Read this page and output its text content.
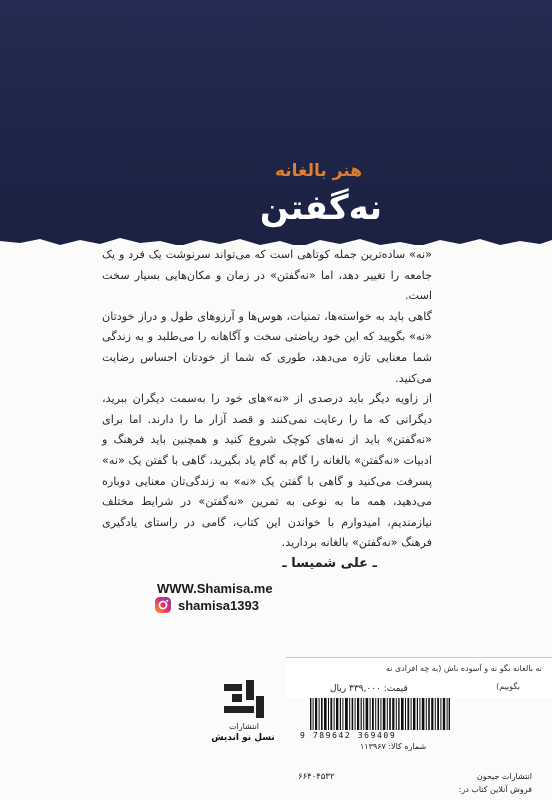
هنر بالغانه
نه‌گفتن

«نه» ساده‌ترین جمله کوتاهی است که می‌تواند سرنوشت یک فرد و یک جامعه را تغییر دهد، اما «نه‌گفتن» در زمان و مکان‌هایی بسیار سخت است.

گاهی باید به خواسته‌ها، تمنیات، هوس‌ها و آرزوهای طول و دراز خودتان «نه» بگویید که این خود ریاضتی سخت و آگاهانه را می‌طلبد و به زندگی شما معنایی تازه می‌دهد، طوری که شما از خودتان احساس رضایت می‌کنید.

از زاویه دیگر باید درصدی از «نه»های خود را به‌سمت دیگران ببرید، دیگرانی که ما را رعایت نمی‌کنند و قصد آزار ما را دارند. اما برای «نه‌گفتن» باید از نه‌های کوچک شروع کنید و همچنین باید فرهنگ و ادبیات «نه‌گفتن» بالغانه را گام به گام یاد بگیرید، گاهی با گفتن یک «نه» پسرفت می‌کنید و گاهی با گفتن یک «نه» به زندگی‌تان معنایی دوباره می‌دهید، همه ما به نوعی به تمرین «نه‌گفتن» در شرایط مختلف نیازمندیم، امیدوارم با خواندن این کتاب، گامی در راستای یادگیری فرهنگ «نه‌گفتن» بالغانه بردارید.

ـ علی شمیسا ـ
WWW.Shamisa.me
shamisa1393
نه بالغانه بگو نه و آسوده باش (به چه افرادی نه
بگوییم)
قیمت: ۳۳۹,۰۰۰ ریال
9 789642 369409
شماره کالا: ۱۱۳۹۶۷
انتشارات
نسل نو اندیش
۶۶۴۰۴۵۳۲	انتشارات جیحون
فروش آنلاین کتاب در:
